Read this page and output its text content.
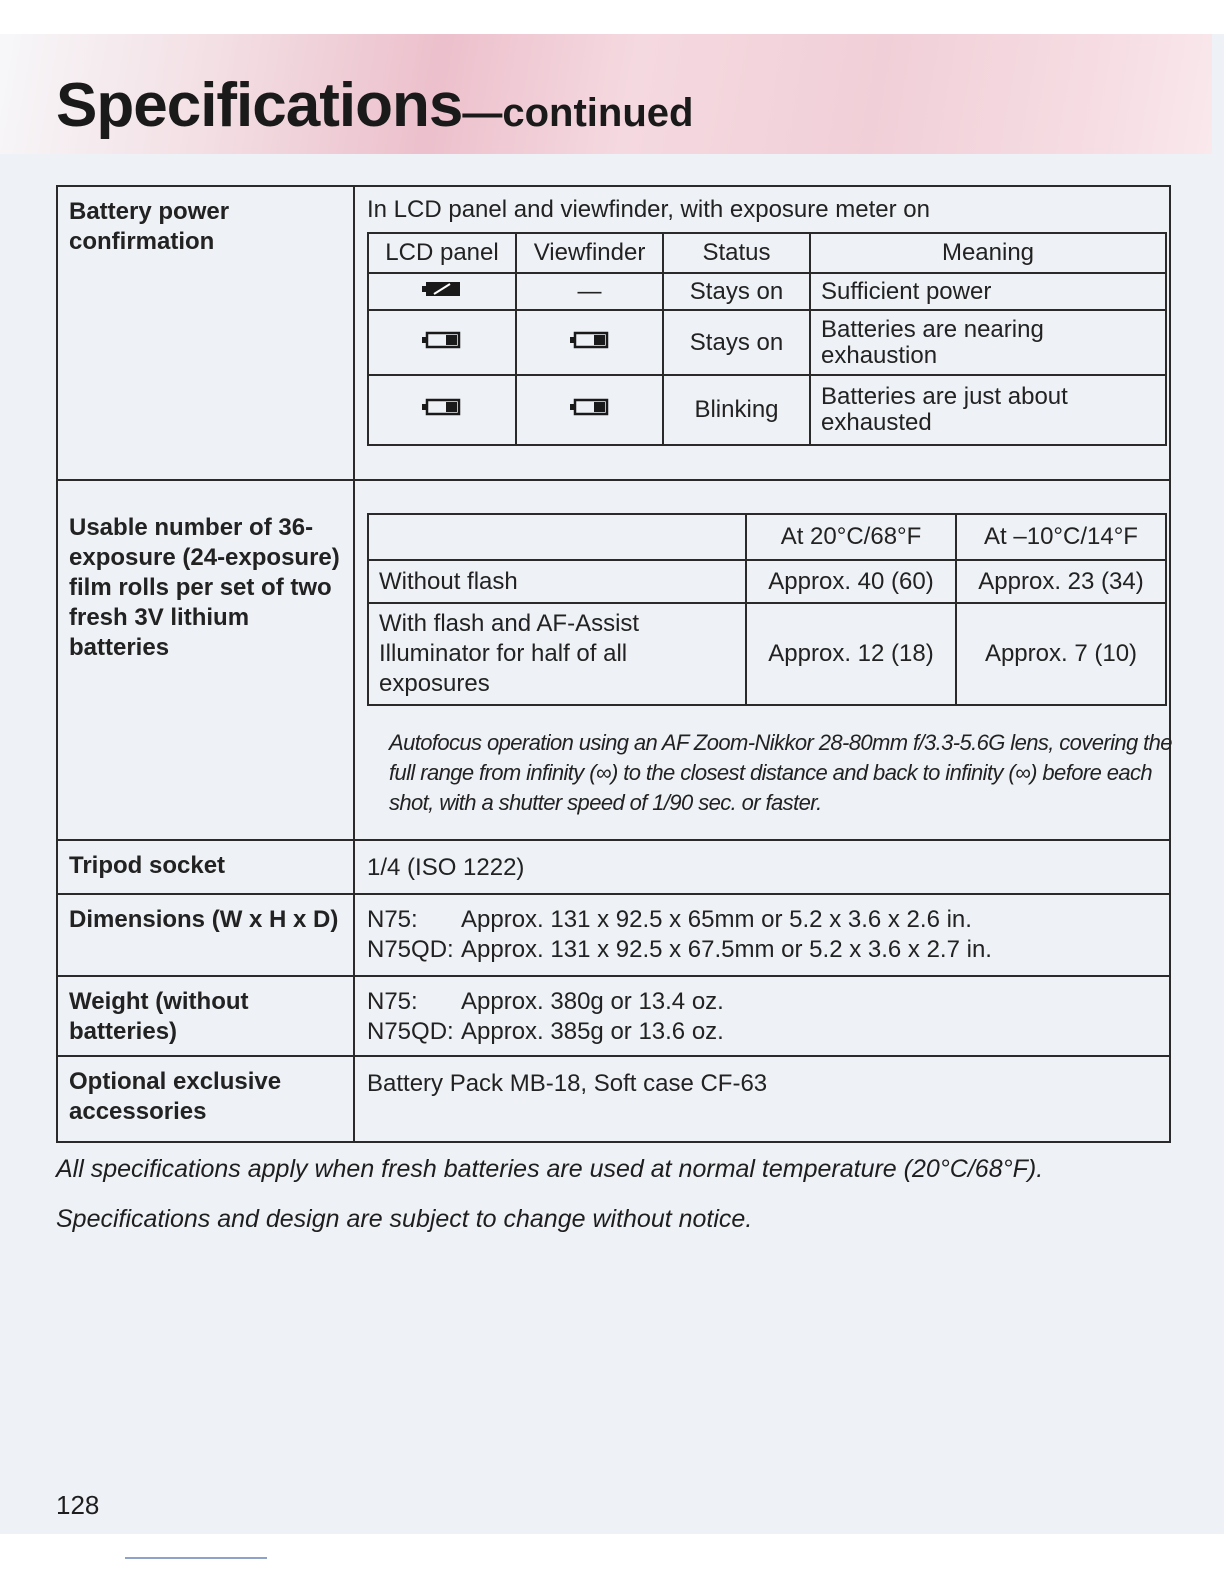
Specifications—continued
Battery power confirmation	
In LCD panel and viewfinder, with exposure meter on
LCD panel	Viewfinder	Status	Meaning
	—	Stays on	Sufficient power
		Stays on	Batteries are nearing exhaustion
		Blinking	Batteries are just about exhausted

Usable number of 36-exposure (24-exposure) film rolls per set of two fresh 3V lithium batteries	
	At 20°C/68°F	At –10°C/14°F
Without flash	Approx. 40 (60)	Approx. 23 (34)
With flash and AF-Assist Illuminator for half of all exposures	Approx. 12 (18)	Approx. 7 (10)
Autofocus operation using an AF Zoom-Nikkor 28-80mm f/3.3-5.6G lens, covering the full range from infinity (∞) to the closest distance and back to infinity (∞) before each shot, with a shutter speed of 1/90 sec. or faster.

Tripod socket	1/4 (ISO 1222)
Dimensions (W x H x D)	N75: Approx. 131 x 92.5 x 65mm or 5.2 x 3.6 x 2.6 in.
N75QD: Approx. 131 x 92.5 x 67.5mm or 5.2 x 3.6 x 2.7 in.

Weight (without batteries)	
N75: Approx. 380g or 13.4 oz.
N75QD: Approx. 385g or 13.6 oz.

Optional exclusive accessories	Battery Pack MB-18, Soft case CF-63

All specifications apply when fresh batteries are used at normal temperature (20°C/68°F).

Specifications and design are subject to change without notice.

128
